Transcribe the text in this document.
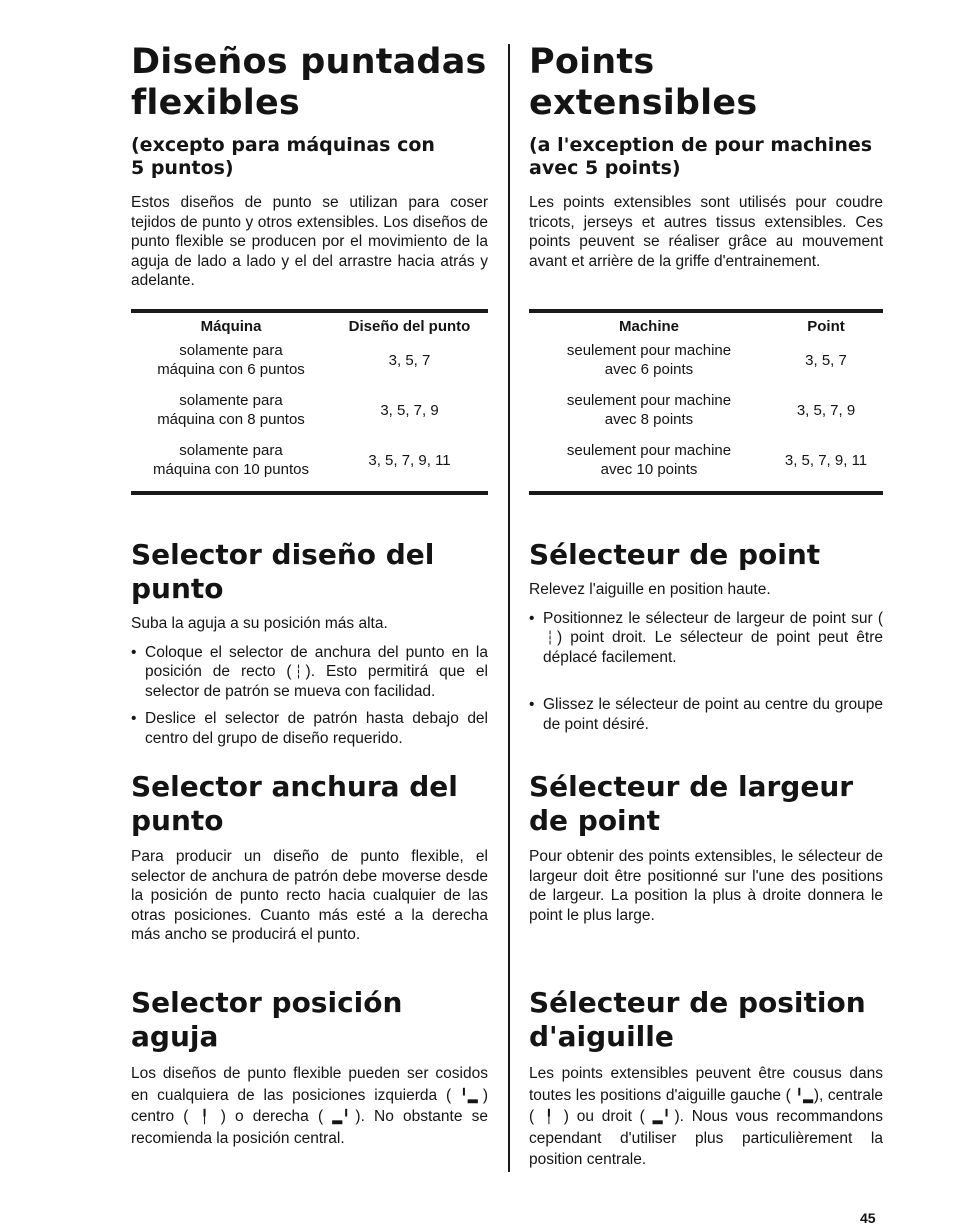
Diseños puntadas
flexibles
(excepto para máquinas con
5 puntos)

Estos diseños de punto se utilizan para coser tejidos de punto y otros extensibles. Los diseños de punto flexible se producen por el movimiento de la aguja de lado a lado y el del arrastre hacia atrás y adelante.

Máquina	Diseño del punto
solamente para
máquina con 6 puntos
3, 5, 7
solamente para
máquina con 8 puntos
3, 5, 7, 9
solamente para
máquina con 10 puntos
3, 5, 7, 9, 11
Selector diseño del punto

Suba la aguja a su posición más alta.

• Coloque el selector de anchura del punto en la posición de recto ( ┆ ). Esto permitirá que el selector de patrón se mueva con facilidad.
• Deslice el selector de patrón hasta debajo del centro del grupo de diseño requerido.
Selector anchura del
punto

Para producir un diseño de punto flexible, el selector de anchura de patrón debe moverse desde la posición de punto recto hacia cualquier de las otras posiciones. Cuanto más esté a la derecha más ancho se producirá el punto.

Selector posición
aguja

Los diseños de punto flexible pueden ser cosidos en cualquiera de las posiciones izquierda ( ╹▂ ) centro ( ╿ ) o derecha ( ▂╹ ). No obstante se recomienda la posición central.

Points
extensibles
(a l'exception de pour machines
avec 5 points)

Les points extensibles sont utilisés pour coudre tricots, jerseys et autres tissus extensibles. Ces points peuvent se réaliser grâce au mouvement avant et arrière de la griffe d'entrainement.

Machine	Point
seulement pour machine
avec 6 points
3, 5, 7
seulement pour machine
avec 8 points
3, 5, 7, 9
seulement pour machine
avec 10 points
3, 5, 7, 9, 11
Sélecteur de point

Relevez l'aiguille en position haute.

• Positionnez le sélecteur de largeur de point sur (┆ ) point droit. Le sélecteur de point peut être déplacé facilement.
• Glissez le sélecteur de point au centre du groupe de point désiré.
Sélecteur de largeur
de point

Pour obtenir des points extensibles, le sélecteur de largeur doit être positionné sur l'une des positions de largeur. La position la plus à droite donnera le point le plus large.

Sélecteur de position
d'aiguille

Les points extensibles peuvent être cousus dans toutes les positions d'aiguille gauche ( ╹▂ ), centrale ( ╿ ) ou droit ( ▂╹ ). Nous vous recommandons cependant d'utiliser plus particulièrement la position centrale.

45
